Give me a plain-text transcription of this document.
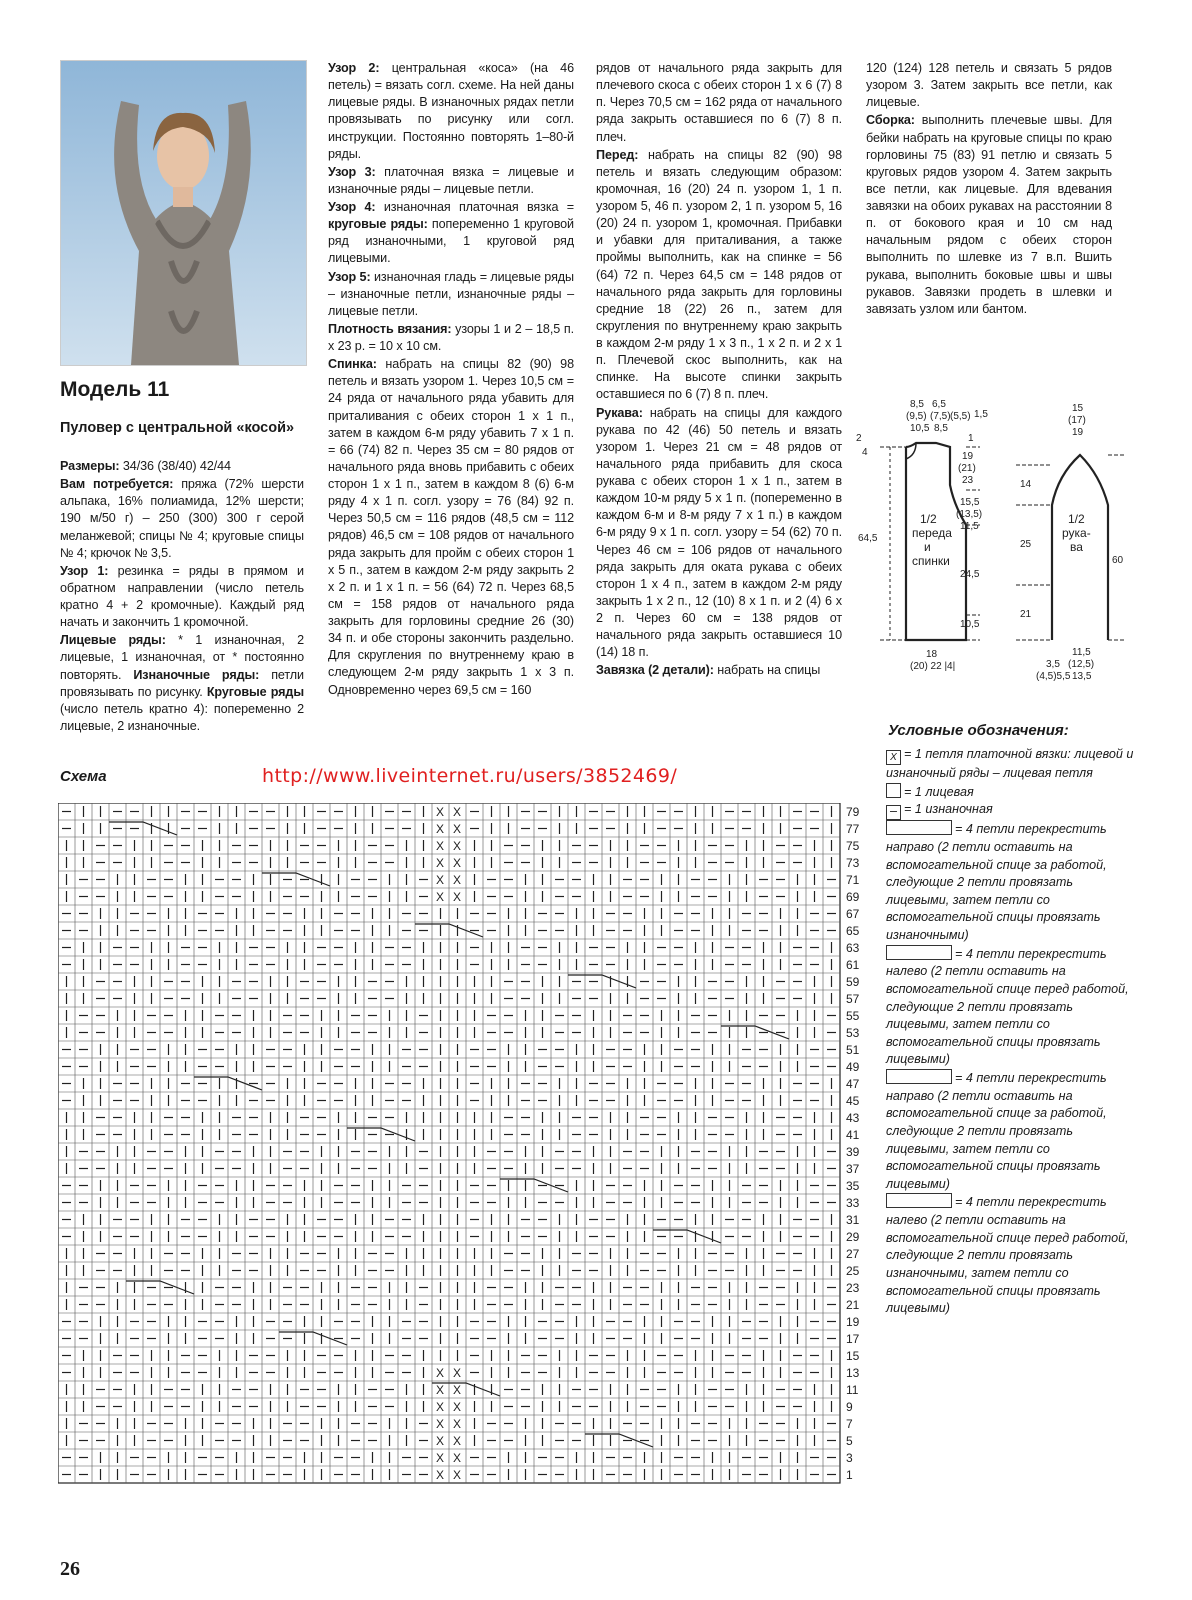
Модель 11
Пуловер с центральной «косой»

Размеры: 34/36 (38/40) 42/44

Вам потребуется: пряжа (72% шерсти альпака, 16% полиамида, 12% шерсти; 190 м/50 г) – 250 (300) 300 г серой меланжевой; спицы № 4; круговые спицы № 4; крючок № 3,5.

Узор 1: резинка = ряды в прямом и обратном направлении (число петель кратно 4 + 2 кромочные). Каждый ряд начать и закончить 1 кромочной.

Лицевые ряды: * 1 изнаночная, 2 лицевые, 1 изнаночная, от * постоянно повторять. Изнаночные ряды: петли провязывать по рисунку. Круговые ряды (число петель кратно 4): попеременно 2 лицевые, 2 изнаночные.

Узор 2: центральная «коса» (на 46 петель) = вязать согл. схеме. На ней даны лицевые ряды. В изнаночных рядах петли провязывать по рисунку или согл. инструкции. Постоянно повторять 1–80-й ряды.

Узор 3: платочная вязка = лицевые и изнаночные ряды – лицевые петли.

Узор 4: изнаночная платочная вязка = круговые ряды: попеременно 1 круговой ряд изнаночными, 1 круговой ряд лицевыми.

Узор 5: изнаночная гладь = лицевые ряды – изнаночные петли, изнаночные ряды – лицевые петли.

Плотность вязания: узоры 1 и 2 – 18,5 п. x 23 р. = 10 x 10 см.

Спинка: набрать на спицы 82 (90) 98 петель и вязать узором 1. Через 10,5 см = 24 ряда от начального ряда убавить для приталивания с обеих сторон 1 x 1 п., затем в каждом 6-м ряду убавить 7 x 1 п. = 66 (74) 82 п. Через 35 см = 80 рядов от начального ряда вновь прибавить с обеих сторон 1 x 1 п., затем в каждом 8 (6) 6-м ряду 4 x 1 п. согл. узору = 76 (84) 92 п. Через 50,5 см = 116 рядов (48,5 см = 112 рядов) 46,5 см = 108 рядов от начального ряда закрыть для пройм с обеих сторон 1 x 5 п., затем в каждом 2-м ряду закрыть 2 x 2 п. и 1 x 1 п. = 56 (64) 72 п. Через 68,5 см = 158 рядов от начального ряда закрыть для горловины средние 26 (30) 34 п. и обе стороны закончить раздельно. Для скругления по внутреннему краю в следующем 2-м ряду закрыть 1 x 3 п. Одновременно через 69,5 см = 160

рядов от начального ряда закрыть для плечевого скоса с обеих сторон 1 x 6 (7) 8 п. Через 70,5 см = 162 ряда от начального ряда закрыть оставшиеся по 6 (7) 8 п. плеч.

Перед: набрать на спицы 82 (90) 98 петель и вязать следующим образом: кромочная, 16 (20) 24 п. узором 1, 1 п. узором 5, 46 п. узором 2, 1 п. узором 5, 16 (20) 24 п. узором 1, кромочная. Прибавки и убавки для приталивания, а также проймы выполнить, как на спинке = 56 (64) 72 п. Через 64,5 см = 148 рядов от начального ряда закрыть для горловины средние 18 (22) 26 п., затем для скругления по внутреннему краю закрыть в каждом 2-м ряду 1 x 3 п., 1 x 2 п. и 2 x 1 п. Плечевой скос выполнить, как на спинке. На высоте спинки закрыть оставшиеся по 6 (7) 8 п. плеч.

Рукава: набрать на спицы для каждого рукава по 42 (46) 50 петель и вязать узором 1. Через 21 см = 48 рядов от начального ряда прибавить для скоса рукава с обеих сторон 1 x 1 п., затем в каждом 10-м ряду 5 x 1 п. (попеременно в каждом 6-м и 8-м ряду 7 x 1 п.) в каждом 6-м ряду 9 x 1 п. согл. узору = 54 (62) 70 п. Через 46 см = 106 рядов от начального ряда закрыть для оката рукава с обеих сторон 1 x 4 п., затем в каждом 2-м ряду закрыть 1 x 2 п., 12 (10) 8 x 1 п. и 2 (4) 6 x 2 п. Через 60 см = 138 рядов от начального ряда закрыть оставшиеся 10 (14) 18 п.

Завязка (2 детали): набрать на спицы

120 (124) 128 петель и связать 5 рядов узором 3. Затем закрыть все петли, как лицевые.

Сборка: выполнить плечевые швы. Для бейки набрать на круговые спицы по краю горловины 75 (83) 91 петлю и связать 5 круговых рядов узором 4. Затем закрыть все петли, как лицевые. Для вдевания завязки на обоих рукавах на расстоянии 8 п. от бокового края и 10 см над начальным рядом с обеих сторон выполнить по шлевке из 7 в.п. Вшить рукава, выполнить боковые швы и швы рукавов. Завязки продеть в шлевки и завязать узлом или бантом.

8,5 6,5
(9,5) (7,5) (5,5) 1,5
10,5 8,5
2
4
1
19
(21)
23
15,5
(13,5)
11,5
24,5
10,5
64,5
1/2
переда
и
спинки
18
(20) 22 |4|
15
(17)
19
14
25
21
60
1/2
рука-
ва
11,5
(12,5)
13,5
3,5
(4,5)5,5
Схема	http://www.liveinternet.ru/users/3852469/
X X
X X
X X
X X
X X
X X
X X
X X
X X
X X
X X
X X
X X
79
77
75
73
71
69
67
65
63
61
59
57
55
53
51
49
47
45
43
41
39
37
35
33
31
29
27
25
23
21
19
17
15
13
11
9
7
5
3
1
Условные обозначения:
X = 1 петля платочной вязки: лицевой и изнаночный ряды – лицевая петля
= 1 лицевая
– = 1 изнаночная
= 4 петли перекрестить направо (2 петли оставить на вспомогательной спице за работой, следующие 2 петли провязать лицевыми, затем петли со вспомогательной спицы провязать изнаночными)
= 4 петли перекрестить налево (2 петли оставить на вспомогательной спице перед работой, следующие 2 петли провязать лицевыми, затем петли со вспомогательной спицы провязать лицевыми)
= 4 петли перекрестить направо (2 петли оставить на вспомогательной спице за работой, следующие 2 петли провязать лицевыми, затем петли со вспомогательной спицы провязать лицевыми)
= 4 петли перекрестить налево (2 петли оставить на вспомогательной спице перед работой, следующие 2 петли провязать изнаночными, затем петли со вспомогательной спицы провязать лицевыми)
26
